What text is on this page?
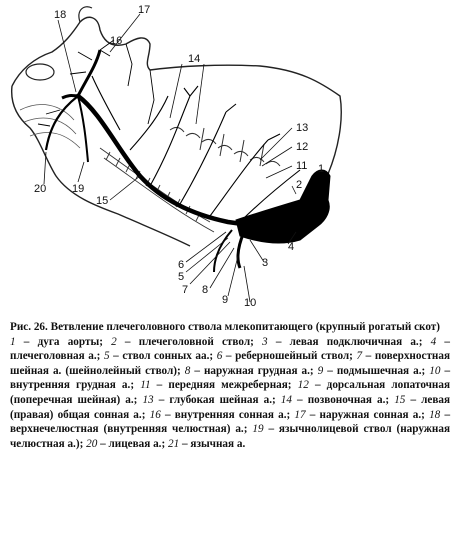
18	17
16
14
13
12
11
2
1
15
19
20
4
3
6
5
7 8
9 10
Рис. 26. Ветвление плечеголовного ствола млекопитающего (крупный рогатый скот)
1 – дуга аорты; 2 – плечеголовной ствол; 3 – левая подключичная а.; 4 – плечеголовная а.; 5 – ствол сонных аа.; 6 – реберношейный ствол; 7 – поверхностная шейная а. (шейнолейный ствол); 8 – наружная грудная а.; 9 – подмышечная а.; 10 – внутренняя грудная а.; 11 – передняя межреберная; 12 – дорсальная лопаточная (поперечная шейная) а.; 13 – глубокая шейная а.; 14 – позвоночная а.; 15 – левая (правая) общая сонная а.; 16 – внутренняя сонная а.; 17 – наружная сонная а.; 18 – верхнечелюстная (внутренняя челюстная) а.; 19 – язычнолицевой ствол (наружная челюстная а.); 20 – лицевая а.; 21 – язычная а.
